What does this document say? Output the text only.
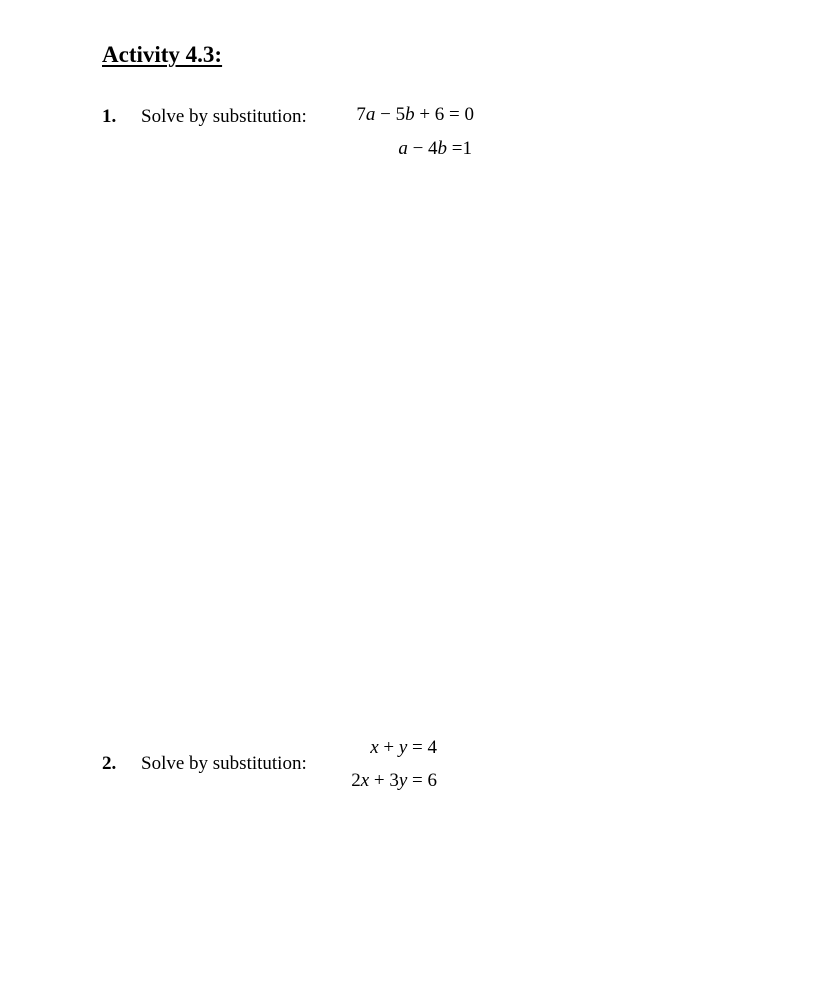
Activity 4.3:
1. Solve by substitution:	7a − 5b + 6 = 0
a − 4b =1
2. Solve by substitution:
x + y = 4
2x + 3y = 6
